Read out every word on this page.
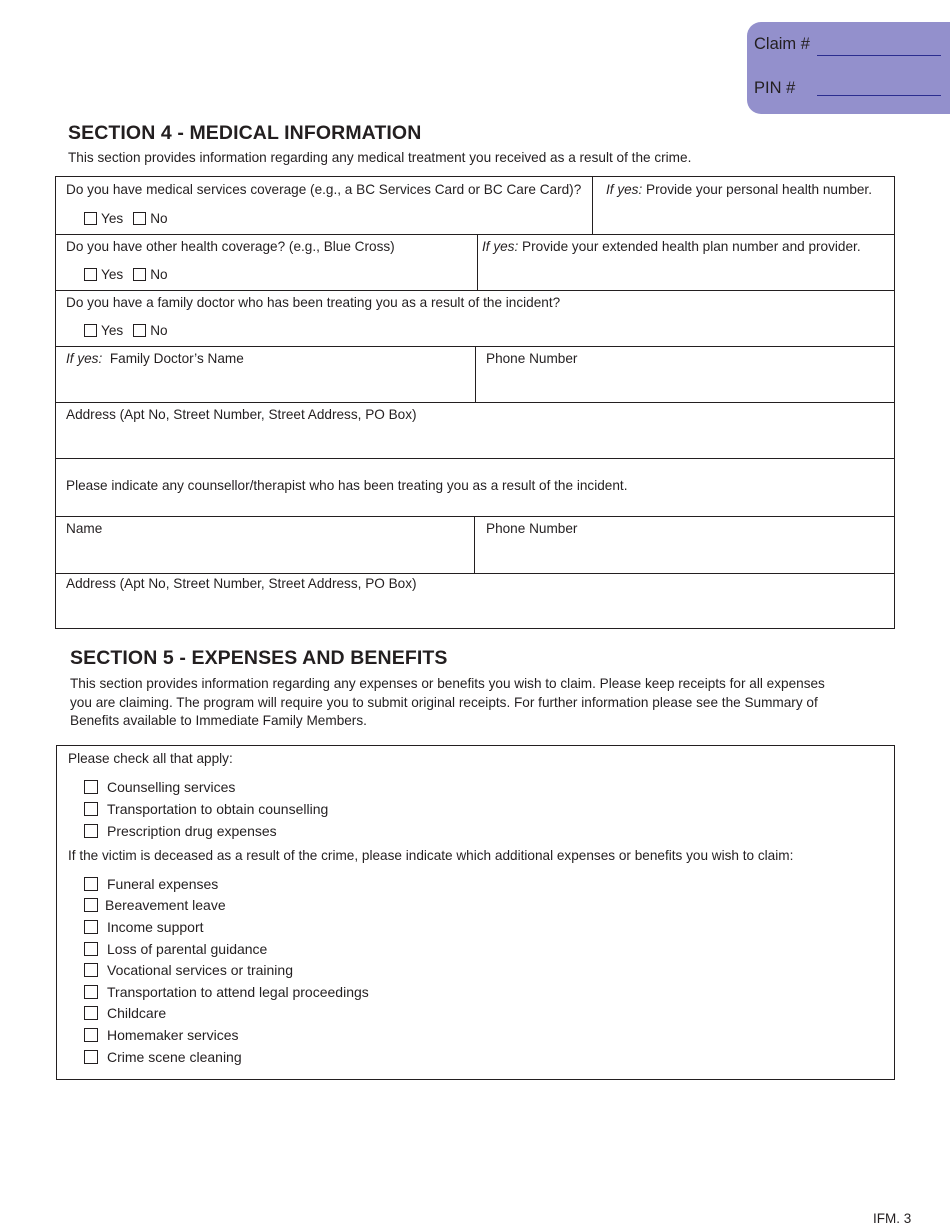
Claim #
PIN #
SECTION 4 - MEDICAL INFORMATION
This section provides information regarding any medical treatment you received as a result of the crime.
Do you have medical services coverage (e.g., a BC Services Card or BC Care Card)?
Yes No
If yes: Provide your personal health number.
Do you have other health coverage? (e.g., Blue Cross)
Yes No
If yes: Provide your extended health plan number and provider.
Do you have a family doctor who has been treating you as a result of the incident?
Yes No
If yes: Family Doctor’s Name	Phone Number
Address (Apt No, Street Number, Street Address, PO Box)
Please indicate any counsellor/therapist who has been treating you as a result of the incident.
Name	Phone Number
Address (Apt No, Street Number, Street Address, PO Box)
SECTION 5 - EXPENSES AND BENEFITS
This section provides information regarding any expenses or benefits you wish to claim. Please keep receipts for all expenses
you are claiming. The program will require you to submit original receipts. For further information please see the Summary of
Benefits available to Immediate Family Members.
Please check all that apply:
Counselling services
Transportation to obtain counselling
Prescription drug expenses
If the victim is deceased as a result of the crime, please indicate which additional expenses or benefits you wish to claim:
Funeral expenses
Bereavement leave
Income support
Loss of parental guidance
Vocational services or training
Transportation to attend legal proceedings
Childcare
Homemaker services
Crime scene cleaning
IFM. 3
